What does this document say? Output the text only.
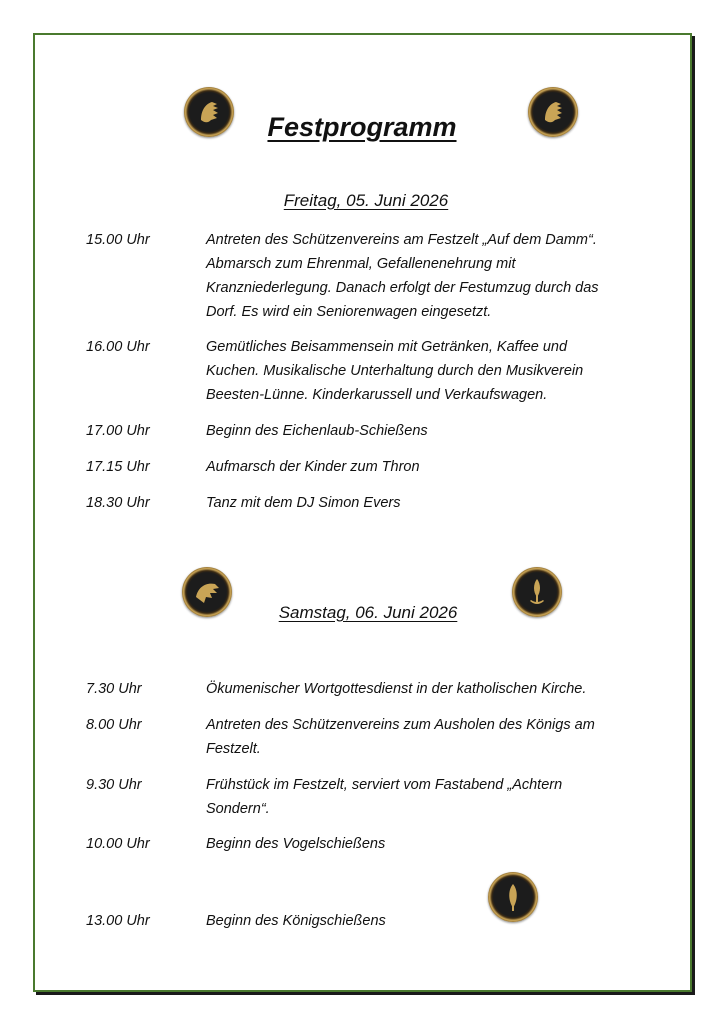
Festprogramm
Freitag, 05. Juni 2026
15.00 Uhr	Antreten des Schützenvereins am Festzelt „Auf dem Damm“.
Abmarsch zum Ehrenmal, Gefallenenehrung mit
Kranzniederlegung. Danach erfolgt der Festumzug durch das
Dorf. Es wird ein Seniorenwagen eingesetzt.
16.00 Uhr	Gemütliches Beisammensein mit Getränken, Kaffee und
Kuchen. Musikalische Unterhaltung durch den Musikverein
Beesten-Lünne. Kinderkarussell und Verkaufswagen.
17.00 Uhr	Beginn des Eichenlaub-Schießens
17.15 Uhr	Aufmarsch der Kinder zum Thron
18.30 Uhr	Tanz mit dem DJ Simon Evers
Samstag, 06. Juni 2026
7.30 Uhr	Ökumenischer Wortgottesdienst in der katholischen Kirche.
8.00 Uhr	Antreten des Schützenvereins zum Ausholen des Königs am
Festzelt.
9.30 Uhr	Frühstück im Festzelt, serviert vom Fastabend „Achtern
Sondern“.
10.00 Uhr	Beginn des Vogelschießens
13.00 Uhr	Beginn des Königschießens
